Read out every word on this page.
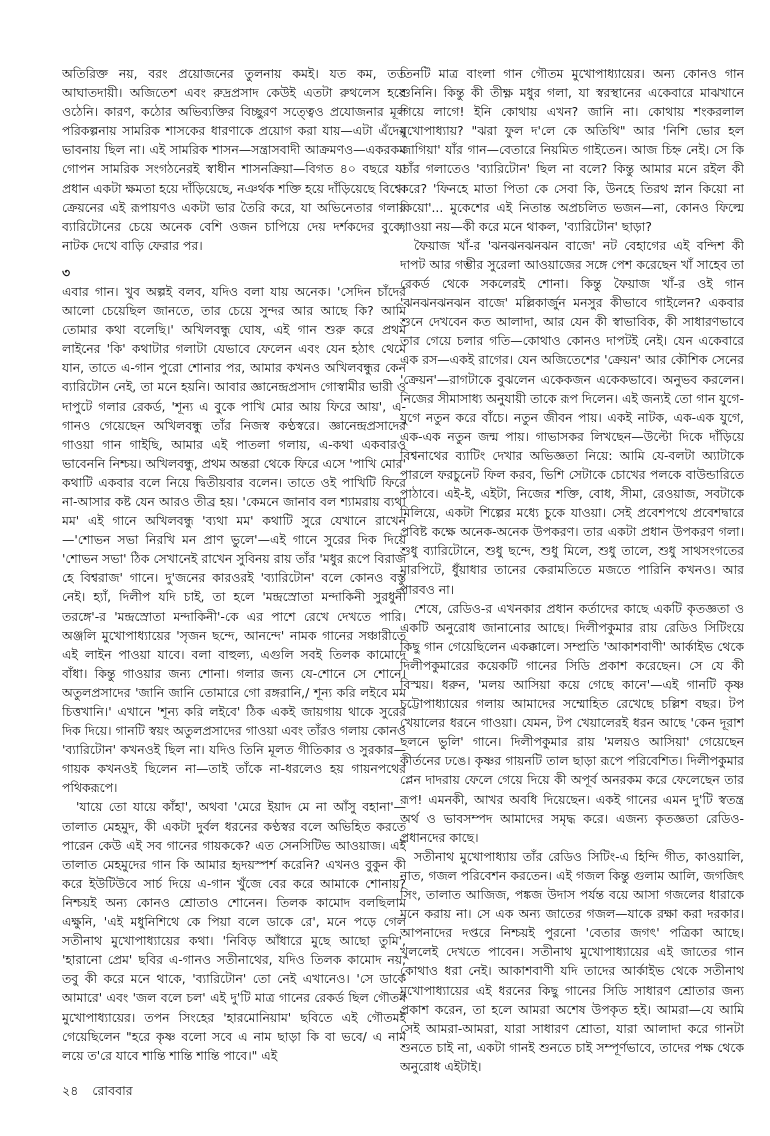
অতিরিক্ত নয়, বরং প্রয়োজনের তুলনায় কমই। যত কম, তত আঘাতদায়ী। অজিতেশ এবং রুদ্রপ্রসাদ কেউই এতটা রুথলেস হয়ে ওঠেনি। কারণ, কঠোর অভিব্যক্তির বিচ্ছুরণ সত্ত্বেও প্রযোজনার মূল পরিকল্পনায় সামরিক শাসকের ধারণাকে প্রয়োগ করা যায়—এটা এঁদের ভাবনায় ছিল না। এই সামরিক শাসন—সন্ত্রাসবাদী আক্রমণও—একরকম গোপন সামরিক সংগঠনেরই স্বাধীন শাসনক্রিয়া—বিগত ৪০ বছরে যা প্রধান একটা ক্ষমতা হয়ে দাঁড়িয়েছে, নঞর্থক শক্তি হয়ে দাঁড়িয়েছে বিশ্বে। ক্রেয়নের এই রূপায়ণও একটা ভার তৈরি করে, যা অভিনেতার গলার ব্যারিটোনের চেয়ে অনেক বেশি ওজন চাপিয়ে দেয় দর্শকদের বুকে, নাটক দেখে বাড়ি ফেরার পর।

৩

এবার গান। খুব অল্পই বলব, যদিও বলা যায় অনেক। 'সেদিন চাঁদের আলো চেয়েছিল জানতে, তার চেয়ে সুন্দর আর আছে কি? আমি তোমার কথা বলেছি।' অখিলবন্ধু ঘোষ, এই গান শুরু করে প্রথম লাইনের 'কি' কথাটার গলাটা যেভাবে ফেলেন এবং যেন হঠাৎ থেমে যান, তাতে এ-গান পুরো শোনার পর, আমার কখনও অখিলবন্ধুর কেন ব্যারিটোন নেই, তা মনে হয়নি। আবার জ্ঞানেন্দ্রপ্রসাদ গোস্বামীর ভারী ও দাপুটে গলার রেকর্ড, 'শূন্য এ বুকে পাখি মোর আয় ফিরে আয়', এ-গানও গেয়েছেন অখিলবন্ধু তাঁর নিজস্ব কণ্ঠস্বরে। জ্ঞানেন্দ্রপ্রসাদের গাওয়া গান গাইছি, আমার এই পাতলা গলায়, এ-কথা একবারও ভাবেননি নিশ্চয়। অখিলবন্ধু, প্রথম অন্তরা থেকে ফিরে এসে 'পাখি মোর' কথাটি একবার বলে নিয়ে দ্বিতীয়বার বলেন। তাতে ওই পাখিটি ফিরে না-আসার কষ্ট যেন আরও তীব্র হয়। 'কেমনে জানাব বল শ্যামরায় ব্যথা মম' এই গানে অখিলবন্ধু 'ব্যথা মম' কথাটি সুরে যেখানে রাখেন—'শোভন সভা নিরখি মন প্রাণ ভুলে'—এই গানে সুরের দিক দিয়ে 'শোভন সভা' ঠিক সেখানেই রাখেন সুবিনয় রায় তাঁর 'মধুর রূপে বিরাজ হে বিশ্বরাজ' গানে। দু'জনের কারওরই 'ব্যারিটোন' বলে কোনও বস্তু নেই। হ্যাঁ, দিলীপ যদি চাই, তা হলে 'মন্দ্রস্রোতা মন্দাকিনী সুরধুনী তরঙ্গে'-র 'মন্দ্রস্রোতা মন্দাকিনী'-কে এর পাশে রেখে দেখতে পারি। অঞ্জলি মুখোপাধ্যায়ের 'সৃজন ছন্দে, আনন্দে' নামক গানের সঞ্চারীতে এই লাইন পাওয়া যাবে। বলা বাহুল্য, এগুলি সবই তিলক কামোদে বাঁধা। কিন্তু গাওয়ার জন্য শোনা। গলার জন্য যে-শোনে সে শোনে। অতুলপ্রসাদের 'জানি জানি তোমারে গো রঙ্গরানি,/ শূন্য করি লইবে মম চিত্তখানি।' এখানে 'শূন্য করি লইবে' ঠিক একই জায়গায় থাকে সুরের দিক দিয়ে। গানটি স্বয়ং অতুলপ্রসাদের গাওয়া এবং তাঁরও গলায় কোনও 'ব্যারিটোন' কখনওই ছিল না। যদিও তিনি মূলত গীতিকার ও সুরকার—গায়ক কখনওই ছিলেন না—তাই তাঁকে না-ধরলেও হয় গায়নপথের পথিকরূপে।

'যায়ে তো যায়ে কাঁহা', অথবা 'মেরে ইয়াদ মে না আঁসু বহানা'—তালাত মেহমুদ, কী একটা দুর্বল ধরনের কণ্ঠস্বর বলে অভিহিত করতে পারেন কেউ এই সব গানের গায়ককে? এত সেনসিটিভ আওয়াজ। এই তালাত মেহমুদের গান কি আমার হৃদয়স্পর্শ করেনি? এখনও বুকুন কী করে ইউটিউবে সার্চ দিয়ে এ-গান খুঁজে বের করে আমাকে শোনায়? নিশ্চয়ই অন্য কোনও শ্রোতাও শোনেন। তিলক কামোদ বলছিলাম এক্ষুনি, 'এই মধুনিশিথে কে পিয়া বলে ডাকে রে', মনে পড়ে গেল সতীনাথ মুখোপাধ্যায়ের কথা। 'নিবিড় আঁধারে মুছে আছো তুমি', 'হারানো প্রেম' ছবির এ-গানও সতীনাথের, যদিও তিলক কামোদ নয়, তবু কী করে মনে থাকে, 'ব্যারিটোন' তো নেই এখানেও। 'সে ডাকে আমারে' এবং 'জল বলে চল' এই দু'টি মাত্র গানের রেকর্ড ছিল গৌতম মুখোপাধ্যায়ের। তপন সিংহের 'হারমোনিয়াম' ছবিতে এই গৌতমই গেয়েছিলেন "হরে কৃষ্ণ বলো সবে এ নাম ছাড়া কি বা ভবে/ এ নাম লয়ে ত'রে যাবে শান্তি শান্তি শান্তি পাবে।" এই

তিনটি মাত্র বাংলা গান গৌতম মুখোপাধ্যায়ের। অন্য কোনও গান শুনিনি। কিন্তু কী তীক্ষ্ণ মধুর গলা, যা স্বরস্থানের একেবারে মাঝখানে গিয়ে লাগে! ইনি কোথায় এখন? জানি না। কোথায় শংকরলাল মুখোপাধ্যায়? "ঝরা ফুল দ'লে কে অতিথি" আর 'নিশি ভোর হল জাগিয়া' যাঁর গান—বেতারে নিয়মিত গাইতেন। আজ চিহ্ন নেই। সে কি তাঁর গলাতেও 'ব্যারিটোন' ছিল না বলে? কিন্তু আমার মনে রইল কী করে? 'ফিনহে মাতা পিতা কে সেবা কি, উনহে তিরথ স্নান কিয়ো না কিয়ো'... মুকেশের এই নিতান্ত অপ্রচলিত ভজন—না, কোনও ফিল্মে গাওয়া নয়—কী করে মনে থাকল, 'ব্যারিটোন' ছাড়া?

ফৈয়াজ খাঁ-র 'ঝনঝনঝনঝন বাজে' নট বেহাগের এই বন্দিশ কী দাপট আর গম্ভীর সুরেলা আওয়াজের সঙ্গে পেশ করেছেন খাঁ সাহেব তা রেকর্ড থেকে সকলেরই শোনা। কিন্তু ফৈয়াজ খাঁ-র ওই গান 'ঝনঝনঝনঝন বাজে' মল্লিকার্জুন মনসুর কীভাবে গাইলেন? একবার শুনে দেখবেন কত আলাদা, আর যেন কী স্বাভাবিক, কী সাধারণভাবে তার গেয়ে চলার গতি—কোথাও কোনও দাপটই নেই। যেন একেবারে এক রস—একই রাগের। যেন অজিতেশের 'ক্রেয়ন' আর কৌশিক সেনের 'ক্রেয়ন'—রাগটাকে বুঝলেন একেকজন একেকভাবে। অনুভব করলেন। নিজের সীমাসাধ্য অনুযায়ী তাকে রূপ দিলেন। এই জন্যই তো গান যুগে-যুগে নতুন করে বাঁচে। নতুন জীবন পায়। একই নাটক, এক-এক যুগে, এক-এক নতুন জন্ম পায়। গাভাসকর লিখছেন—উল্টো দিকে দাঁড়িয়ে বিশ্বনাথের ব্যাটিং দেখার অভিজ্ঞতা নিয়ে: আমি যে-বলটা অ্যাটাকে পারলে ফরচুনেট ফিল করব, ভিশি সেটাকে চোখের পলকে বাউন্ডারিতে পাঠাবে। এই-ই, এইটা, নিজের শক্তি, বোধ, সীমা, রেওয়াজ, সবটাকে মিলিয়ে, একটা শিল্পের মধ্যে চুকে যাওয়া। সেই প্রবেশপথে প্রবেশদ্বারে প্রবিষ্ট কক্ষে অনেক-অনেক উপকরণ। তার একটা প্রধান উপকরণ গলা। শুধু ব্যারিটোনে, শুধু ছন্দে, শুধু মিলে, শুধু তালে, শুধু সাথসংগতের মারপিটে, ধুঁয়াধার তানের কেরামতিতে মজতে পারিনি কখনও। আর পারবও না।

শেষে, রেডিও-র এখনকার প্রধান কর্তাদের কাছে একটি কৃতজ্ঞতা ও একটি অনুরোধ জানানোর আছে। দিলীপকুমার রায় রেডিও সিটিংয়ে কিছু গান গেয়েছিলেন একক্কালে। সম্প্রতি 'আকাশবাণী' আর্কাইভ থেকে দিলীপকুমারের কয়েকটি গানের সিডি প্রকাশ করেছেন। সে যে কী বিস্ময়। ধরুন, 'মলয় আসিয়া কয়ে গেছে কানে'—এই গানটি কৃষ্ণ চট্টোপাধ্যায়ের গলায় আমাদের সম্মোহিত রেখেছে চল্লিশ বছর। টপ খেয়ালের ধরনে গাওয়া। যেমন, টপ খেয়ালেরই ধরন আছে 'কেন দূরাশ ছলনে ভুলি' গানে। দিলীপকুমার রায় 'মলয়ও আসিয়া' গেয়েছেন কীর্তনের ঢঙে। কৃষ্ণর গায়নটি তাল ছাড়া রূপে পরিবেশিত। দিলীপকুমার প্লেন দাদরায় ফেলে গেয়ে দিয়ে কী অপূর্ব অনরকম করে ফেলেছেন তার রূপ! এমনকী, আখর অবধি দিয়েছেন। একই গানের এমন দু'টি স্বতন্ত্র অর্থ ও ভাবসম্পদ আমাদের সমৃদ্ধ করে। এজন্য কৃতজ্ঞতা রেডিও-প্রধানদের কাছে।

সতীনাথ মুখোপাধ্যায় তাঁর রেডিও সিটিং-এ হিন্দি গীত, কাওয়ালি, নাত, গজল পরিবেশন করতেন। এই গজল কিন্তু গুলাম আলি, জগজিৎ সিং, তালাত আজিজ, পঙ্কজ উদাস পর্যন্ত বয়ে আসা গজলের ধারাকে মনে করায় না। সে এক অন্য জাতের গজল—যাকে রক্ষা করা দরকার। আপনাদের দপ্তরে নিশ্চয়ই পুরনো 'বেতার জগৎ' পত্রিকা আছে। খুললেই দেখতে পাবেন। সতীনাথ মুখোপাধ্যায়ের এই জাতের গান কোথাও ধরা নেই। আকাশবাণী যদি তাদের আর্কাইভ থেকে সতীনাথ মুখোপাধ্যায়ের এই ধরনের কিছু গানের সিডি সাধারণ শ্রোতার জন্য প্রকাশ করেন, তা হলে আমরা অশেষ উপকৃত হই। আমরা—যে আমি সেই আমরা-আমরা, যারা সাধারণ শ্রোতা, যারা আলাদা করে গানটা শুনতে চাই না, একটা গানই শুনতে চাই সম্পূর্ণভাবে, তাদের পক্ষ থেকে অনুরোধ এইটাই।

২৪ রোববার
